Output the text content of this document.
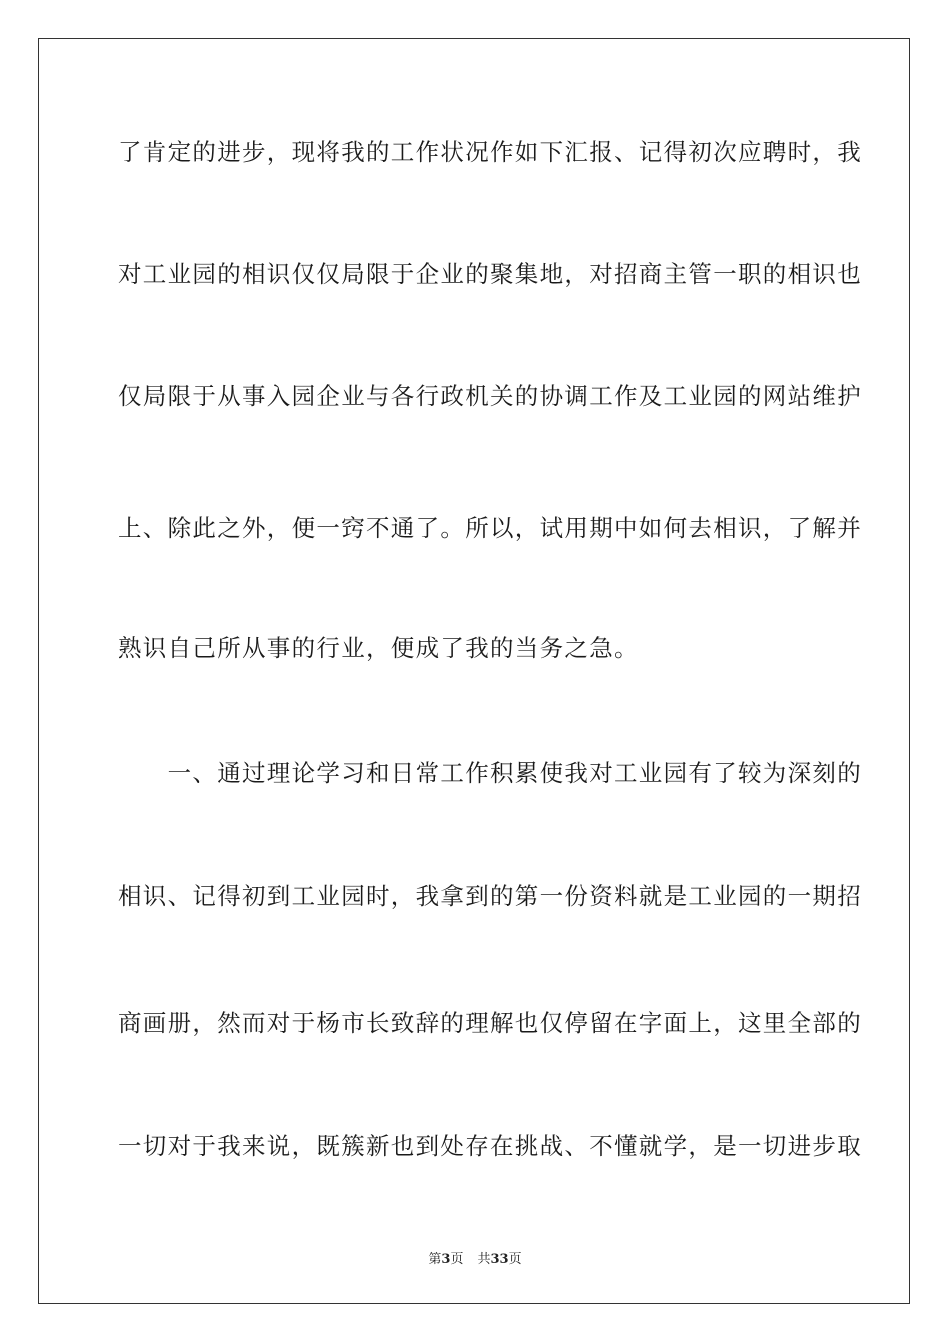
了肯定的进步，现将我的工作状况作如下汇报、记得初次应聘时，我
对工业园的相识仅仅局限于企业的聚集地，对招商主管一职的相识也
仅局限于从事入园企业与各行政机关的协调工作及工业园的网站维护
上、除此之外，便一窍不通了。所以，试用期中如何去相识，了解并
熟识自己所从事的行业，便成了我的当务之急。
　　一、通过理论学习和日常工作积累使我对工业园有了较为深刻的
相识、记得初到工业园时，我拿到的第一份资料就是工业园的一期招
商画册，然而对于杨市长致辞的理解也仅停留在字面上，这里全部的
一切对于我来说，既簇新也到处存在挑战、不懂就学，是一切进步取
第3页 共33页
